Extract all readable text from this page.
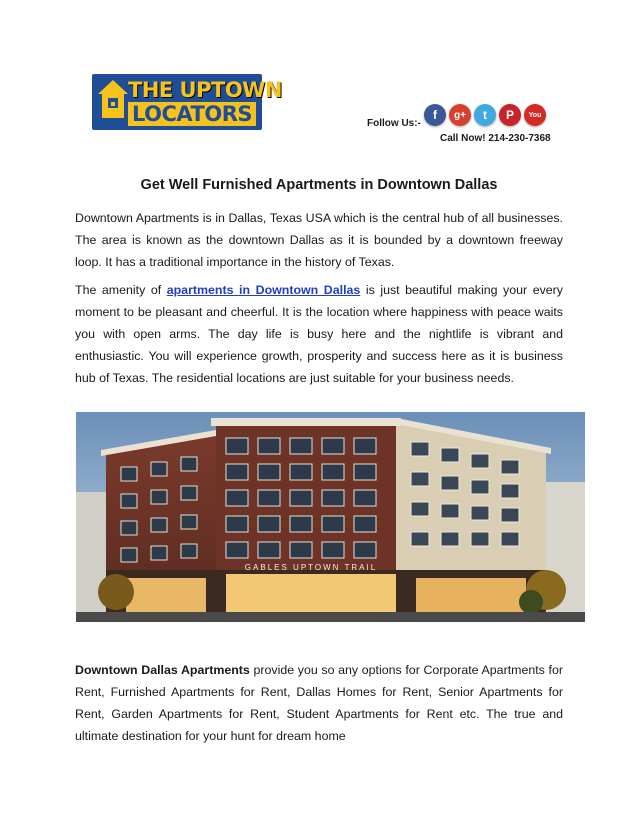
THE UPTOWN
LOCATORS	Follow Us:-
f	g+	t	P	You
Call Now! 214-230-7368
Get Well Furnished Apartments in Downtown Dallas

Downtown Apartments is in Dallas, Texas USA which is the central hub of all businesses. The area is known as the downtown Dallas as it is bounded by a downtown freeway loop. It has a traditional importance in the history of Texas.

The amenity of apartments in Downtown Dallas is just beautiful making your every moment to be pleasant and cheerful. It is the location where happiness with peace waits you with open arms. The day life is busy here and the nightlife is vibrant and enthusiastic. You will experience growth, prosperity and success here as it is business hub of Texas. The residential locations are just suitable for your business needs.

GABLES UPTOWN TRAIL

Downtown Dallas Apartments provide you so any options for Corporate Apartments for Rent, Furnished Apartments for Rent, Dallas Homes for Rent, Senior Apartments for Rent, Garden Apartments for Rent, Student Apartments for Rent etc. The true and ultimate destination for your hunt for dream home
